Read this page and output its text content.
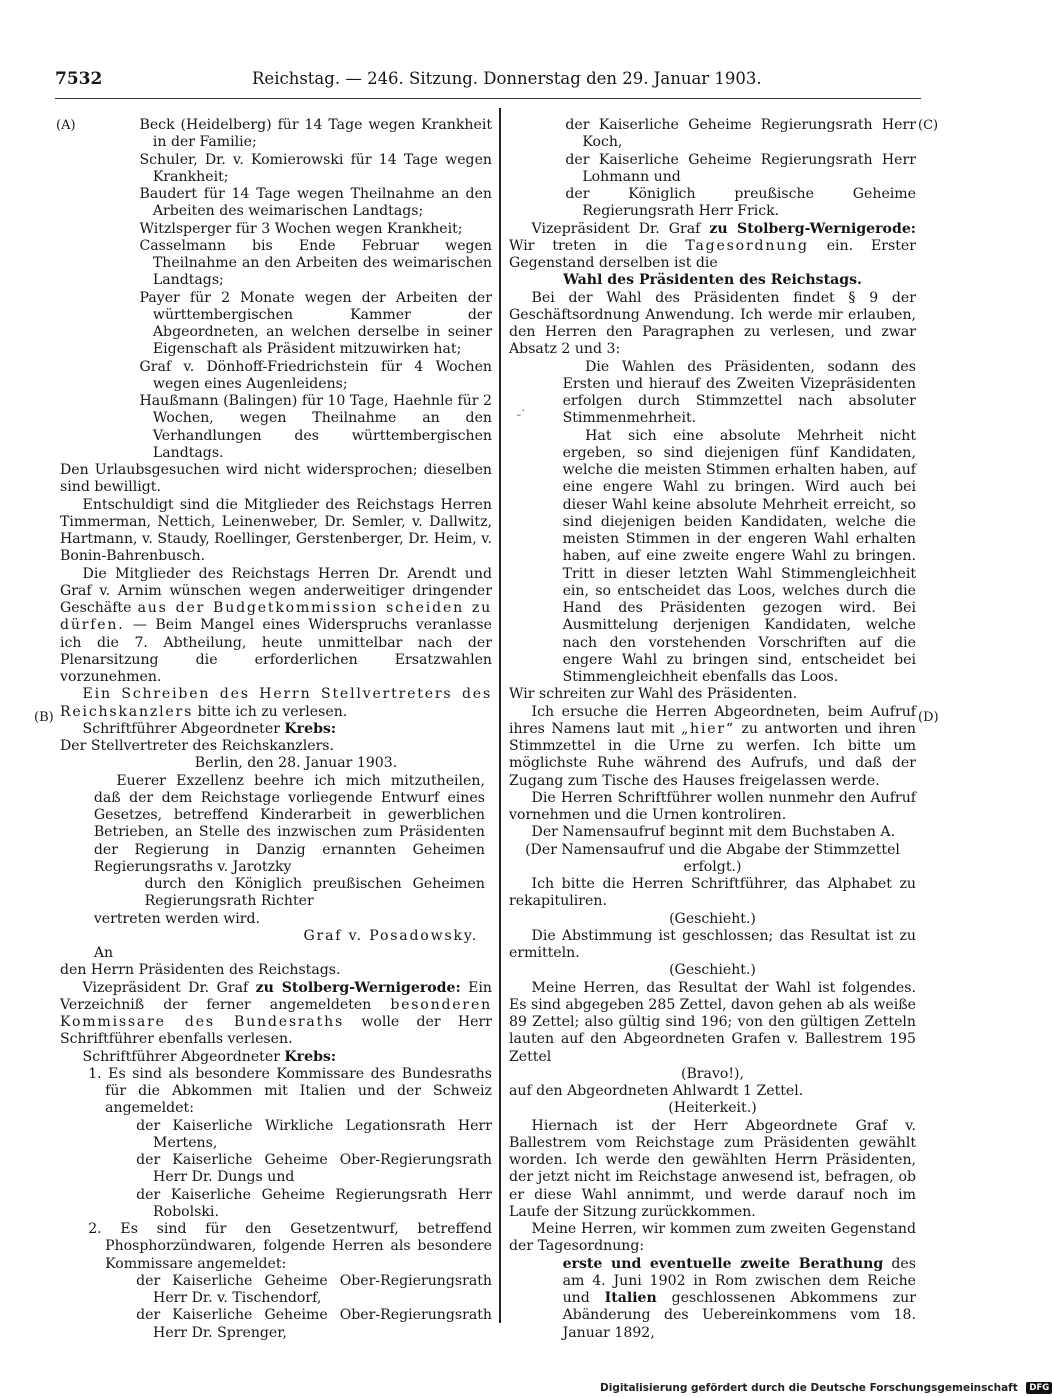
7532	Reichstag. — 246. Sitzung. Donnerstag den 29. Januar 1903.
(A)
(B)
(C)
(D)
˷·

Beck (Heidelberg) für 14 Tage wegen Krankheit in der Familie;

Schuler, Dr. v. Komierowski für 14 Tage wegen Krankheit;

Baudert für 14 Tage wegen Theilnahme an den Arbeiten des weimarischen Landtags;

Witzlsperger für 3 Wochen wegen Krankheit;

Casselmann bis Ende Februar wegen Theilnahme an den Arbeiten des weimarischen Landtags;

Payer für 2 Monate wegen der Arbeiten der württembergischen Kammer der Abgeordneten, an welchen derselbe in seiner Eigenschaft als Präsident mitzuwirken hat;

Graf v. Dönhoff-Friedrichstein für 4 Wochen wegen eines Augenleidens;

Haußmann (Balingen) für 10 Tage, Haehnle für 2 Wochen, wegen Theilnahme an den Verhandlungen des württembergischen Landtags.

Den Urlaubsgesuchen wird nicht widersprochen; dieselben sind bewilligt.

Entschuldigt sind die Mitglieder des Reichstags Herren Timmerman, Nettich, Leinenweber, Dr. Semler, v. Dallwitz, Hartmann, v. Staudy, Roellinger, Gerstenberger, Dr. Heim, v. Bonin-Bahrenbusch.

Die Mitglieder des Reichstags Herren Dr. Arendt und Graf v. Arnim wünschen wegen anderweitiger dringender Geschäfte aus der Budgetkommission scheiden zu dürfen. — Beim Mangel eines Widerspruchs veranlasse ich die 7. Abtheilung, heute unmittelbar nach der Plenarsitzung die erforderlichen Ersatzwahlen vorzunehmen.

Ein Schreiben des Herrn Stellvertreters des Reichskanzlers bitte ich zu verlesen.

Schriftführer Abgeordneter Krebs:

Der Stellvertreter des Reichskanzlers.

Berlin, den 28. Januar 1903.

Euerer Exzellenz beehre ich mich mitzutheilen, daß der dem Reichstage vorliegende Entwurf eines Gesetzes, betreffend Kinderarbeit in gewerblichen Betrieben, an Stelle des inzwischen zum Präsidenten der Regierung in Danzig ernannten Geheimen Regierungsraths v. Jarotzky

durch den Königlich preußischen Geheimen Regierungsrath Richter

vertreten werden wird.

Graf v. Posadowsky.

An

den Herrn Präsidenten des Reichstags.

Vizepräsident Dr. Graf zu Stolberg-Wernigerode: Ein Verzeichniß der ferner angemeldeten besonderen Kommissare des Bundesraths wolle der Herr Schriftführer ebenfalls verlesen.

Schriftführer Abgeordneter Krebs:

1. Es sind als besondere Kommissare des Bundesraths für die Abkommen mit Italien und der Schweiz angemeldet:

der Kaiserliche Wirkliche Legationsrath Herr Mertens,

der Kaiserliche Geheime Ober-Regierungsrath Herr Dr. Dungs und

der Kaiserliche Geheime Regierungsrath Herr Robolski.

2. Es sind für den Gesetzentwurf, betreffend Phosphorzündwaren, folgende Herren als besondere Kommissare angemeldet:

der Kaiserliche Geheime Ober-Regierungsrath Herr Dr. v. Tischendorf,

der Kaiserliche Geheime Ober-Regierungsrath Herr Dr. Sprenger,

der Kaiserliche Geheime Regierungsrath Herr Koch,

der Kaiserliche Geheime Regierungsrath Herr Lohmann und

der Königlich preußische Geheime Regierungsrath Herr Frick.

Vizepräsident Dr. Graf zu Stolberg-Wernigerode: Wir treten in die Tagesordnung ein. Erster Gegenstand derselben ist die

Wahl des Präsidenten des Reichstags.

Bei der Wahl des Präsidenten findet § 9 der Geschäftsordnung Anwendung. Ich werde mir erlauben, den Herren den Paragraphen zu verlesen, und zwar Absatz 2 und 3:

Die Wahlen des Präsidenten, sodann des Ersten und hierauf des Zweiten Vizepräsidenten erfolgen durch Stimmzettel nach absoluter Stimmenmehrheit.

Hat sich eine absolute Mehrheit nicht ergeben, so sind diejenigen fünf Kandidaten, welche die meisten Stimmen erhalten haben, auf eine engere Wahl zu bringen. Wird auch bei dieser Wahl keine absolute Mehrheit erreicht, so sind diejenigen beiden Kandidaten, welche die meisten Stimmen in der engeren Wahl erhalten haben, auf eine zweite engere Wahl zu bringen. Tritt in dieser letzten Wahl Stimmengleichheit ein, so entscheidet das Loos, welches durch die Hand des Präsidenten gezogen wird. Bei Ausmittelung derjenigen Kandidaten, welche nach den vorstehenden Vorschriften auf die engere Wahl zu bringen sind, entscheidet bei Stimmengleichheit ebenfalls das Loos.

Wir schreiten zur Wahl des Präsidenten.

Ich ersuche die Herren Abgeordneten, beim Aufruf ihres Namens laut mit „hier“ zu antworten und ihren Stimmzettel in die Urne zu werfen. Ich bitte um möglichste Ruhe während des Aufrufs, und daß der Zugang zum Tische des Hauses freigelassen werde.

Die Herren Schriftführer wollen nunmehr den Aufruf vornehmen und die Urnen kontroliren.

Der Namensaufruf beginnt mit dem Buchstaben A.

(Der Namensaufruf und die Abgabe der Stimmzettel erfolgt.)

Ich bitte die Herren Schriftführer, das Alphabet zu rekapituliren.

(Geschieht.)

Die Abstimmung ist geschlossen; das Resultat ist zu ermitteln.

(Geschieht.)

Meine Herren, das Resultat der Wahl ist folgendes. Es sind abgegeben 285 Zettel, davon gehen ab als weiße 89 Zettel; also gültig sind 196; von den gültigen Zetteln lauten auf den Abgeordneten Grafen v. Ballestrem 195 Zettel

(Bravo!),

auf den Abgeordneten Ahlwardt 1 Zettel.

(Heiterkeit.)

Hiernach ist der Herr Abgeordnete Graf v. Ballestrem vom Reichstage zum Präsidenten gewählt worden. Ich werde den gewählten Herrn Präsidenten, der jetzt nicht im Reichstage anwesend ist, befragen, ob er diese Wahl annimmt, und werde darauf noch im Laufe der Sitzung zurückkommen.

Meine Herren, wir kommen zum zweiten Gegenstand der Tagesordnung:

erste und eventuelle zweite Berathung des am 4. Juni 1902 in Rom zwischen dem Reiche und Italien geschlossenen Abkommens zur Abänderung des Uebereinkommens vom 18. Januar 1892,

Digitalisierung gefördert durch die Deutsche Forschungsgemeinschaft DFG
